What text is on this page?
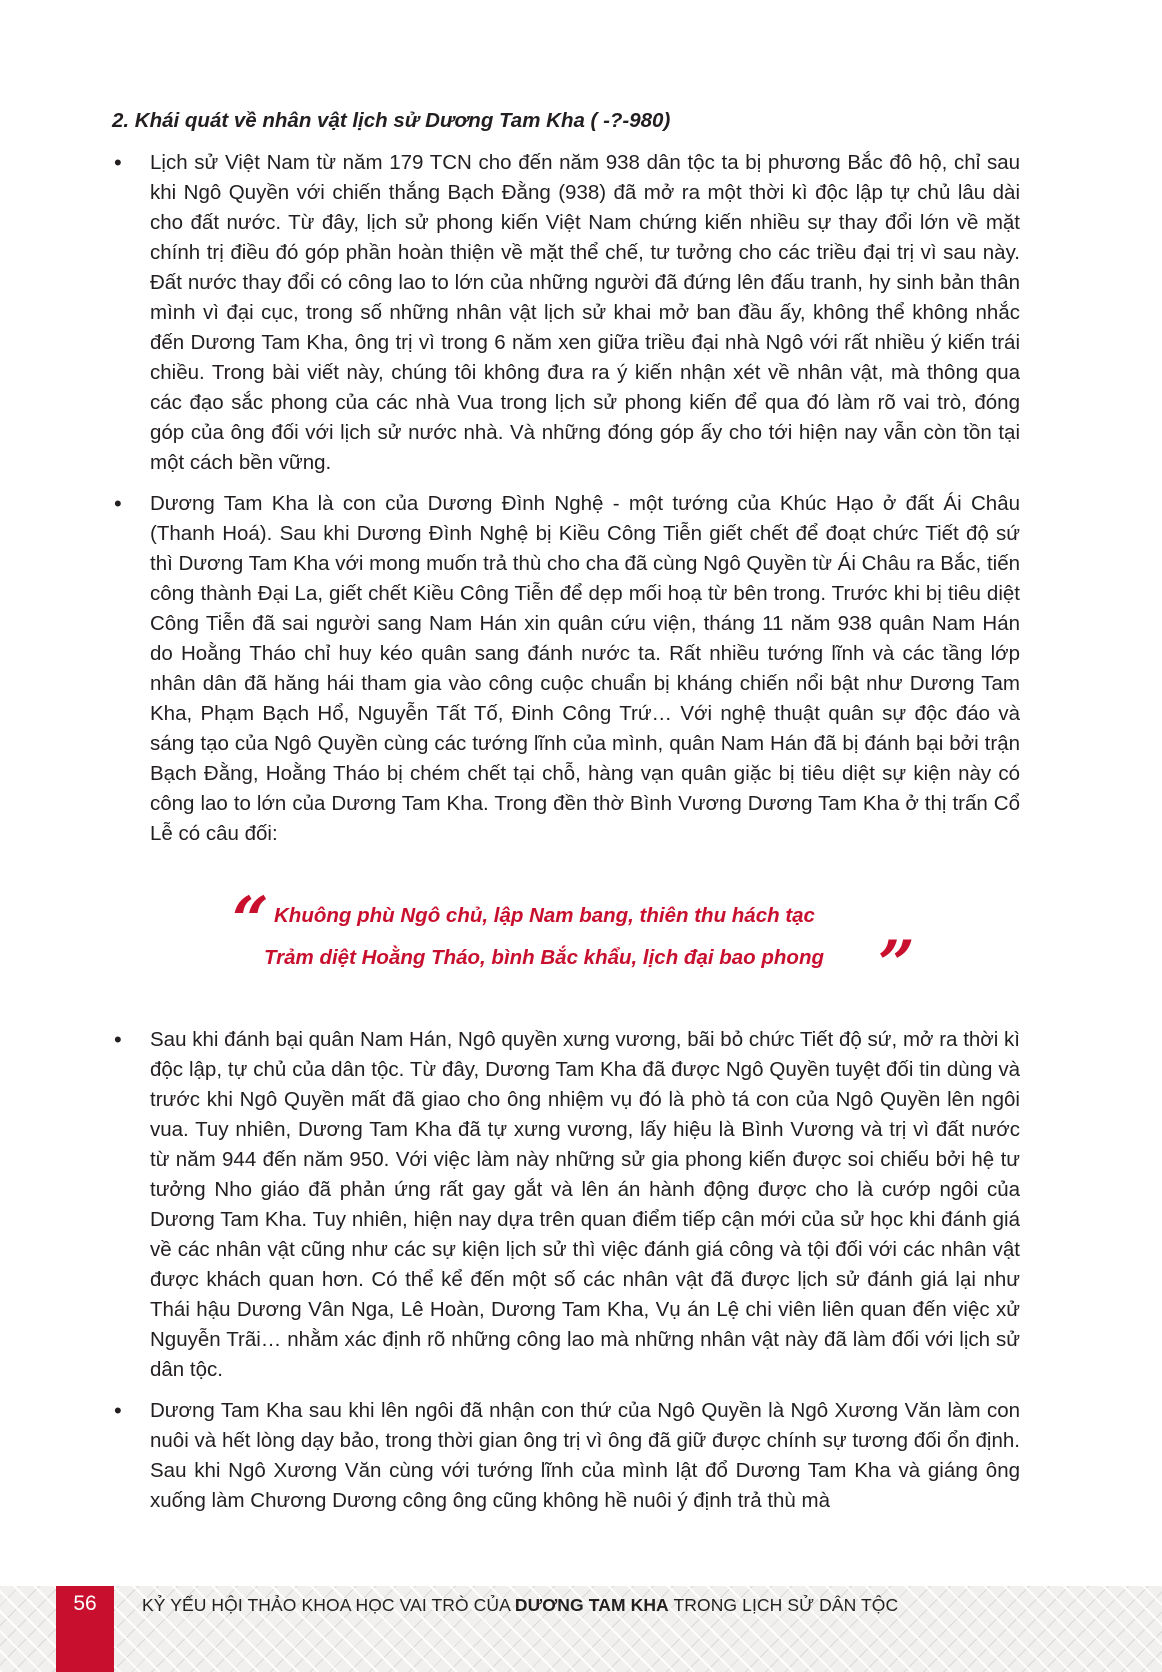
2. Khái quát về nhân vật lịch sử Dương Tam Kha ( -?-980)
•	Lịch sử Việt Nam từ năm 179 TCN cho đến năm 938 dân tộc ta bị phương Bắc đô hộ, chỉ sau khi Ngô Quyền với chiến thắng Bạch Đằng (938) đã mở ra một thời kì độc lập tự chủ lâu dài cho đất nước. Từ đây, lịch sử phong kiến Việt Nam chứng kiến nhiều sự thay đổi lớn về mặt chính trị điều đó góp phần hoàn thiện về mặt thể chế, tư tưởng cho các triều đại trị vì sau này. Đất nước thay đổi có công lao to lớn của những người đã đứng lên đấu tranh, hy sinh bản thân mình vì đại cục, trong số những nhân vật lịch sử khai mở ban đầu ấy, không thể không nhắc đến Dương Tam Kha, ông trị vì trong 6 năm xen giữa triều đại nhà Ngô với rất nhiều ý kiến trái chiều. Trong bài viết này, chúng tôi không đưa ra ý kiến nhận xét về nhân vật, mà thông qua các đạo sắc phong của các nhà Vua trong lịch sử phong kiến để qua đó làm rõ vai trò, đóng góp của ông đối với lịch sử nước nhà. Và những đóng góp ấy cho tới hiện nay vẫn còn tồn tại một cách bền vững.
•	Dương Tam Kha là con của Dương Đình Nghệ - một tướng của Khúc Hạo ở đất Ái Châu (Thanh Hoá). Sau khi Dương Đình Nghệ bị Kiều Công Tiễn giết chết để đoạt chức Tiết độ sứ thì Dương Tam Kha với mong muốn trả thù cho cha đã cùng Ngô Quyền từ Ái Châu ra Bắc, tiến công thành Đại La, giết chết Kiều Công Tiễn để dẹp mối hoạ từ bên trong. Trước khi bị tiêu diệt Công Tiễn đã sai người sang Nam Hán xin quân cứu viện, tháng 11 năm 938 quân Nam Hán do Hoằng Tháo chỉ huy kéo quân sang đánh nước ta. Rất nhiều tướng lĩnh và các tầng lớp nhân dân đã hăng hái tham gia vào công cuộc chuẩn bị kháng chiến nổi bật như Dương Tam Kha, Phạm Bạch Hổ, Nguyễn Tất Tố, Đinh Công Trứ… Với nghệ thuật quân sự độc đáo và sáng tạo của Ngô Quyền cùng các tướng lĩnh của mình, quân Nam Hán đã bị đánh bại bởi trận Bạch Đằng, Hoằng Tháo bị chém chết tại chỗ, hàng vạn quân giặc bị tiêu diệt sự kiện này có công lao to lớn của Dương Tam Kha. Trong đền thờ Bình Vương Dương Tam Kha ở thị trấn Cổ Lễ có câu đối:
“ Khuông phù Ngô chủ, lập Nam bang, thiên thu hách tạc
Trảm diệt Hoằng Tháo, bình Bắc khẩu, lịch đại bao phong ”
•	Sau khi đánh bại quân Nam Hán, Ngô quyền xưng vương, bãi bỏ chức Tiết độ sứ, mở ra thời kì độc lập, tự chủ của dân tộc. Từ đây, Dương Tam Kha đã được Ngô Quyền tuyệt đối tin dùng và trước khi Ngô Quyền mất đã giao cho ông nhiệm vụ đó là phò tá con của Ngô Quyền lên ngôi vua. Tuy nhiên, Dương Tam Kha đã tự xưng vương, lấy hiệu là Bình Vương và trị vì đất nước từ năm 944 đến năm 950. Với việc làm này những sử gia phong kiến được soi chiếu bởi hệ tư tưởng Nho giáo đã phản ứng rất gay gắt và lên án hành động được cho là cướp ngôi của Dương Tam Kha. Tuy nhiên, hiện nay dựa trên quan điểm tiếp cận mới của sử học khi đánh giá về các nhân vật cũng như các sự kiện lịch sử thì việc đánh giá công và tội đối với các nhân vật được khách quan hơn. Có thể kể đến một số các nhân vật đã được lịch sử đánh giá lại như Thái hậu Dương Vân Nga, Lê Hoàn, Dương Tam Kha, Vụ án Lệ chi viên liên quan đến việc xử Nguyễn Trãi… nhằm xác định rõ những công lao mà những nhân vật này đã làm đối với lịch sử dân tộc.
•	Dương Tam Kha sau khi lên ngôi đã nhận con thứ của Ngô Quyền là Ngô Xương Văn làm con nuôi và hết lòng dạy bảo, trong thời gian ông trị vì ông đã giữ được chính sự tương đối ổn định. Sau khi Ngô Xương Văn cùng với tướng lĩnh của mình lật đổ Dương Tam Kha và giáng ông xuống làm Chương Dương công ông cũng không hề nuôi ý định trả thù mà
56	KỶ YẾU HỘI THẢO KHOA HỌC VAI TRÒ CỦA DƯƠNG TAM KHA TRONG LỊCH SỬ DÂN TỘC
